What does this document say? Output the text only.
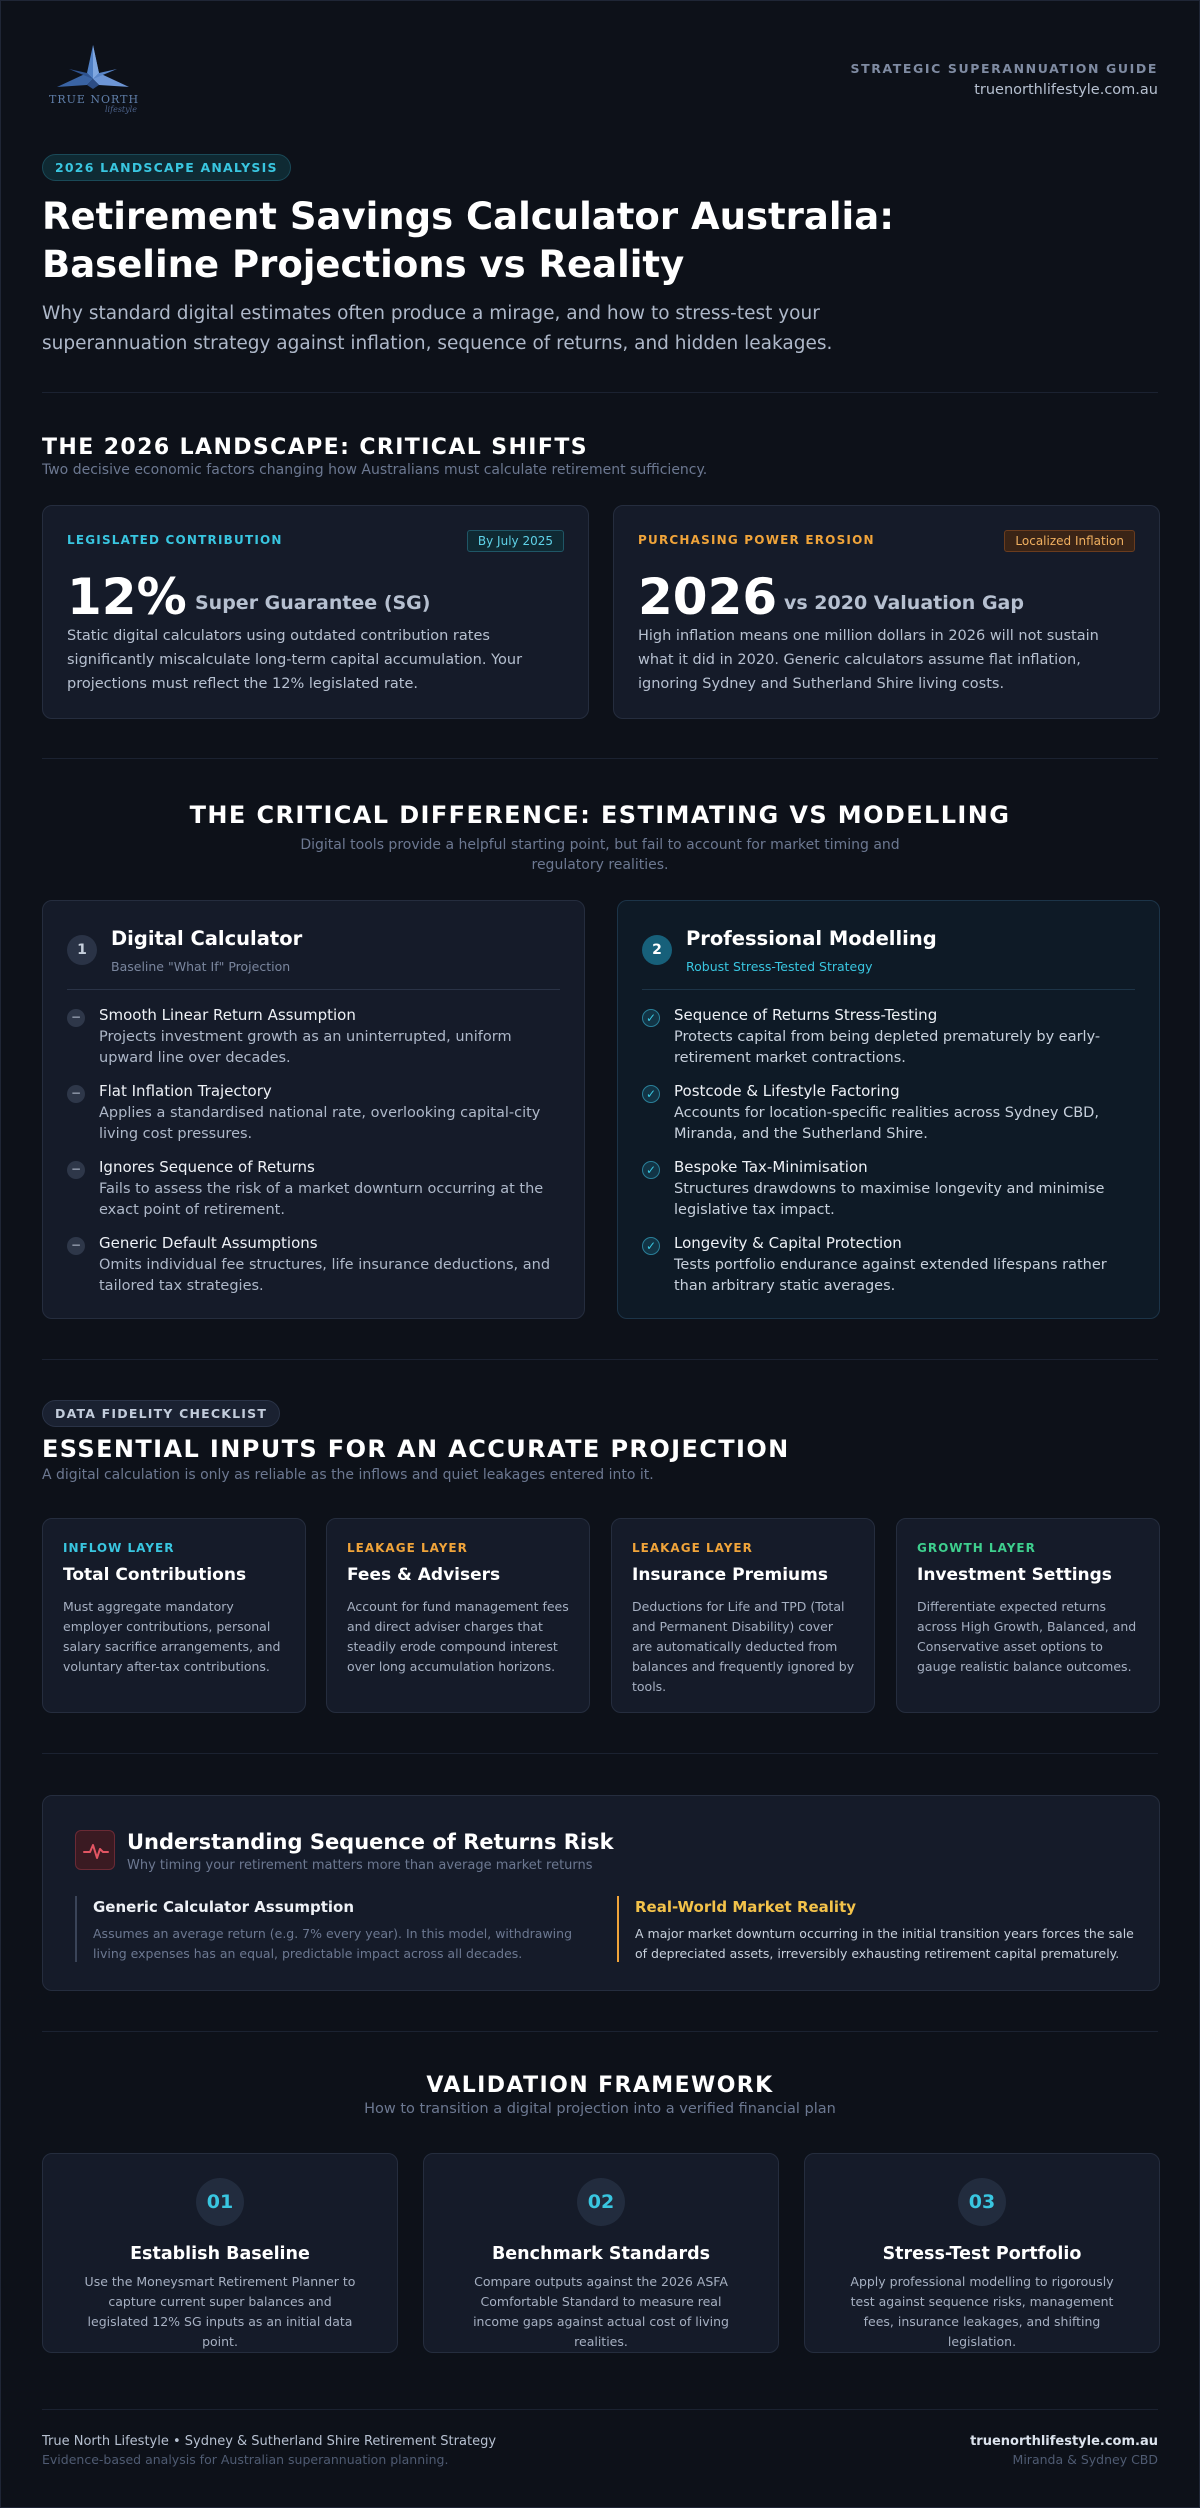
TRUE NORTH
lifestyle
STRATEGIC SUPERANNUATION GUIDE
truenorthlifestyle.com.au
2026 LANDSCAPE ANALYSIS
Retirement Savings Calculator Australia:
Baseline Projections vs Reality

Why standard digital estimates often produce a mirage, and how to stress-test your superannuation strategy against inflation, sequence of returns, and hidden leakages.

THE 2026 LANDSCAPE: CRITICAL SHIFTS
Two decisive economic factors changing how Australians must calculate retirement sufficiency.
LEGISLATED CONTRIBUTION	By July 2025
12% Super Guarantee (SG)
Static digital calculators using outdated contribution rates significantly miscalculate long-term capital accumulation. Your projections must reflect the 12% legislated rate.
PURCHASING POWER EROSION	Localized Inflation
2026 vs 2020 Valuation Gap
High inflation means one million dollars in 2026 will not sustain what it did in 2020. Generic calculators assume flat inflation, ignoring Sydney and Sutherland Shire living costs.
THE CRITICAL DIFFERENCE: ESTIMATING VS MODELLING
Digital tools provide a helpful starting point, but fail to account for market timing and
regulatory realities.
1	Digital Calculator
Baseline "What If" Projection
− Smooth Linear Return Assumption
Projects investment growth as an uninterrupted, uniform upward line over decades.
− Flat Inflation Trajectory
Applies a standardised national rate, overlooking capital-city living cost pressures.
− Ignores Sequence of Returns
Fails to assess the risk of a market downturn occurring at the exact point of retirement.
− Generic Default Assumptions
Omits individual fee structures, life insurance deductions, and tailored tax strategies.
2	Professional Modelling
Robust Stress-Tested Strategy
✓ Sequence of Returns Stress-Testing
Protects capital from being depleted prematurely by early-retirement market contractions.
✓ Postcode & Lifestyle Factoring
Accounts for location-specific realities across Sydney CBD, Miranda, and the Sutherland Shire.
✓ Bespoke Tax-Minimisation
Structures drawdowns to maximise longevity and minimise legislative tax impact.
✓ Longevity & Capital Protection
Tests portfolio endurance against extended lifespans rather than arbitrary static averages.
DATA FIDELITY CHECKLIST
ESSENTIAL INPUTS FOR AN ACCURATE PROJECTION
A digital calculation is only as reliable as the inflows and quiet leakages entered into it.
INFLOW LAYER
Total Contributions
Must aggregate mandatory employer contributions, personal salary sacrifice arrangements, and voluntary after-tax contributions.
LEAKAGE LAYER
Fees & Advisers
Account for fund management fees and direct adviser charges that steadily erode compound interest over long accumulation horizons.
LEAKAGE LAYER
Insurance Premiums
Deductions for Life and TPD (Total and Permanent Disability) cover are automatically deducted from balances and frequently ignored by tools.
GROWTH LAYER
Investment Settings
Differentiate expected returns across High Growth, Balanced, and Conservative asset options to gauge realistic balance outcomes.
Understanding Sequence of Returns Risk
Why timing your retirement matters more than average market returns
Generic Calculator Assumption
Assumes an average return (e.g. 7% every year). In this model, withdrawing living expenses has an equal, predictable impact across all decades.
Real-World Market Reality
A major market downturn occurring in the initial transition years forces the sale of depreciated assets, irreversibly exhausting retirement capital prematurely.
VALIDATION FRAMEWORK
How to transition a digital projection into a verified financial plan
01
Establish Baseline
Use the Moneysmart Retirement Planner to capture current super balances and legislated 12% SG inputs as an initial data point.
02
Benchmark Standards
Compare outputs against the 2026 ASFA Comfortable Standard to measure real income gaps against actual cost of living realities.
03
Stress-Test Portfolio
Apply professional modelling to rigorously test against sequence risks, management fees, insurance leakages, and shifting legislation.
True North Lifestyle • Sydney & Sutherland Shire Retirement Strategy
Evidence-based analysis for Australian superannuation planning.
truenorthlifestyle.com.au
Miranda & Sydney CBD
